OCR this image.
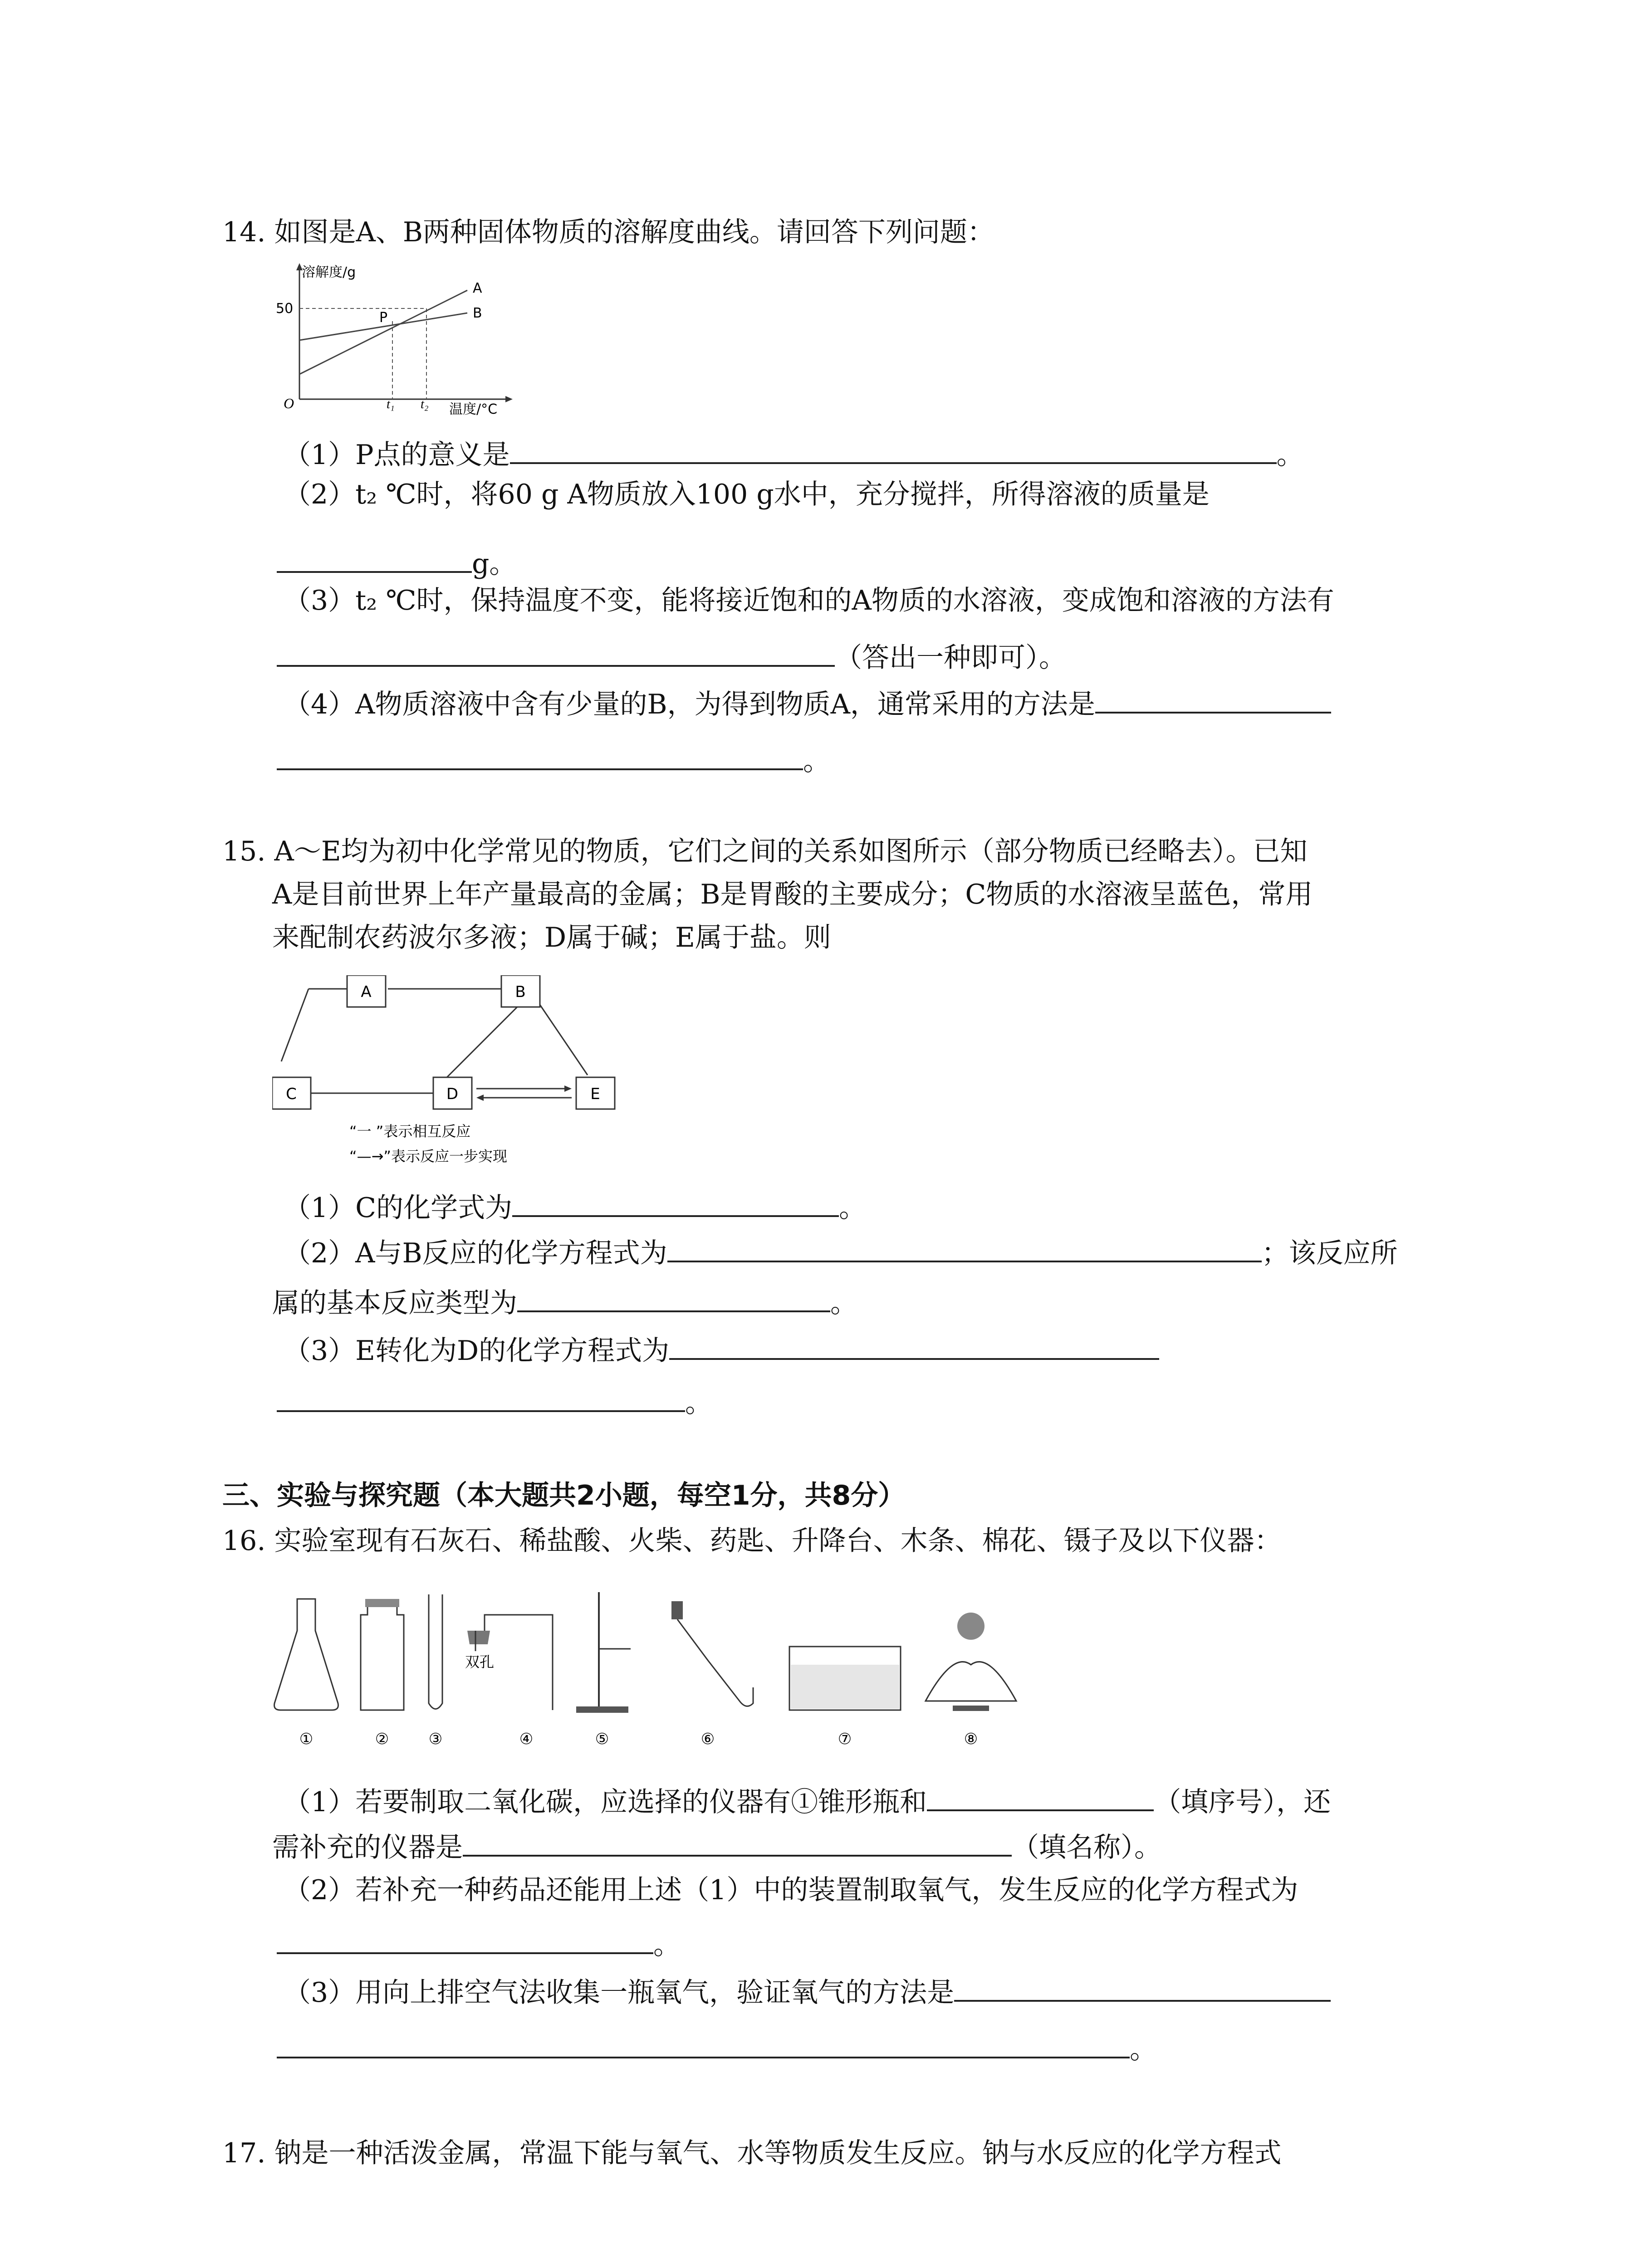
14. 如图是A、B两种固体物质的溶解度曲线。请回答下列问题：
溶解度/g
50
O
P
A
B
t₁ t₂ 温度/°C
（1）P点的意义是	。
（2）t₂ ℃时，将60 g A物质放入100 g水中，充分搅拌，所得溶液的质量是
g。
（3）t₂ ℃时，保持温度不变，能将接近饱和的A物质的水溶液，变成饱和溶液的方法有
（答出一种即可）。
（4）A物质溶液中含有少量的B，为得到物质A，通常采用的方法是
。
15. A～E均为初中化学常见的物质，它们之间的关系如图所示（部分物质已经略去）。已知
A是目前世界上年产量最高的金属；B是胃酸的主要成分；C物质的水溶液呈蓝色，常用
来配制农药波尔多液；D属于碱；E属于盐。则
A	B
C	D	E
“一 ”表示相互反应
“—→”表示反应一步实现
（1）C的化学式为	。
（2）A与B反应的化学方程式为	；该反应所
属的基本反应类型为	。
（3）E转化为D的化学方程式为
。
三、实验与探究题（本大题共2小题，每空1分，共8分）
16. 实验室现有石灰石、稀盐酸、火柴、药匙、升降台、木条、棉花、镊子及以下仪器：
双孔
①	②	③	④	⑤	⑥	⑦	⑧
（1）若要制取二氧化碳，应选择的仪器有①锥形瓶和	（填序号），还
需补充的仪器是	（填名称）。
（2）若补充一种药品还能用上述（1）中的装置制取氧气，发生反应的化学方程式为
。
（3）用向上排空气法收集一瓶氧气，验证氧气的方法是
。
17. 钠是一种活泼金属，常温下能与氧气、水等物质发生反应。钠与水反应的化学方程式
